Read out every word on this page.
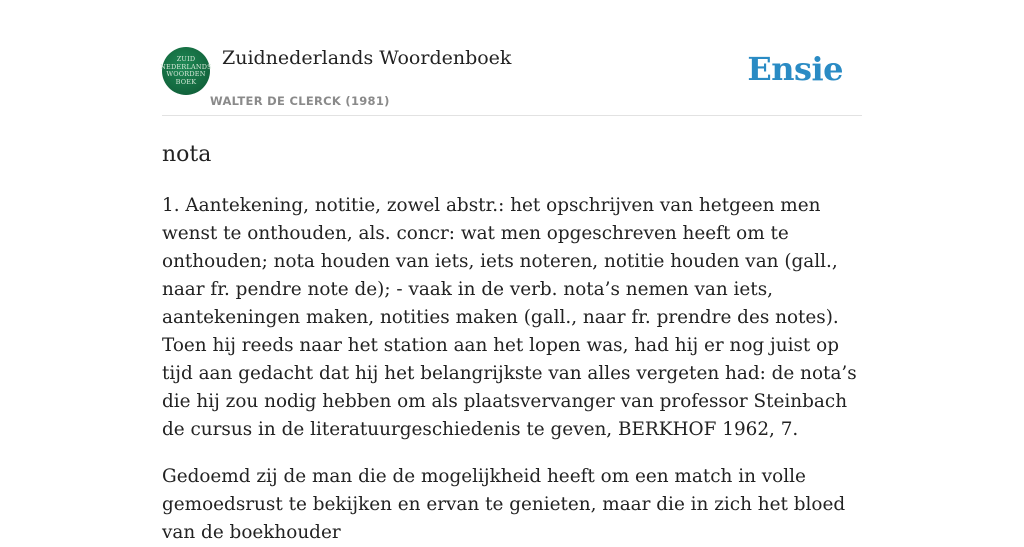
ZUID
NEDERLANDS
WOORDEN
BOEK
Zuidnederlands Woordenboek
WALTER DE CLERCK (1981)
Ensie
nota

1. Aantekening, notitie, zowel abstr.: het opschrijven van hetgeen men wenst te onthouden, als. concr: wat men opgeschreven heeft om te onthouden; nota houden van iets, iets noteren, notitie houden van (gall., naar fr. pendre note de); - vaak in de verb. nota’s nemen van iets, aantekeningen maken, notities maken (gall., naar fr. prendre des notes). Toen hij reeds naar het station aan het lopen was, had hij er nog juist op tijd aan gedacht dat hij het belangrijkste van alles vergeten had: de nota’s die hij zou nodig hebben om als plaatsvervanger van professor Steinbach de cursus in de literatuurgeschiedenis te geven, BERKHOF 1962, 7.

Gedoemd zij de man die de mogelijkheid heeft om een match in volle gemoedsrust te bekijken en ervan te genieten, maar die in zich het bloed van de boekhouder
